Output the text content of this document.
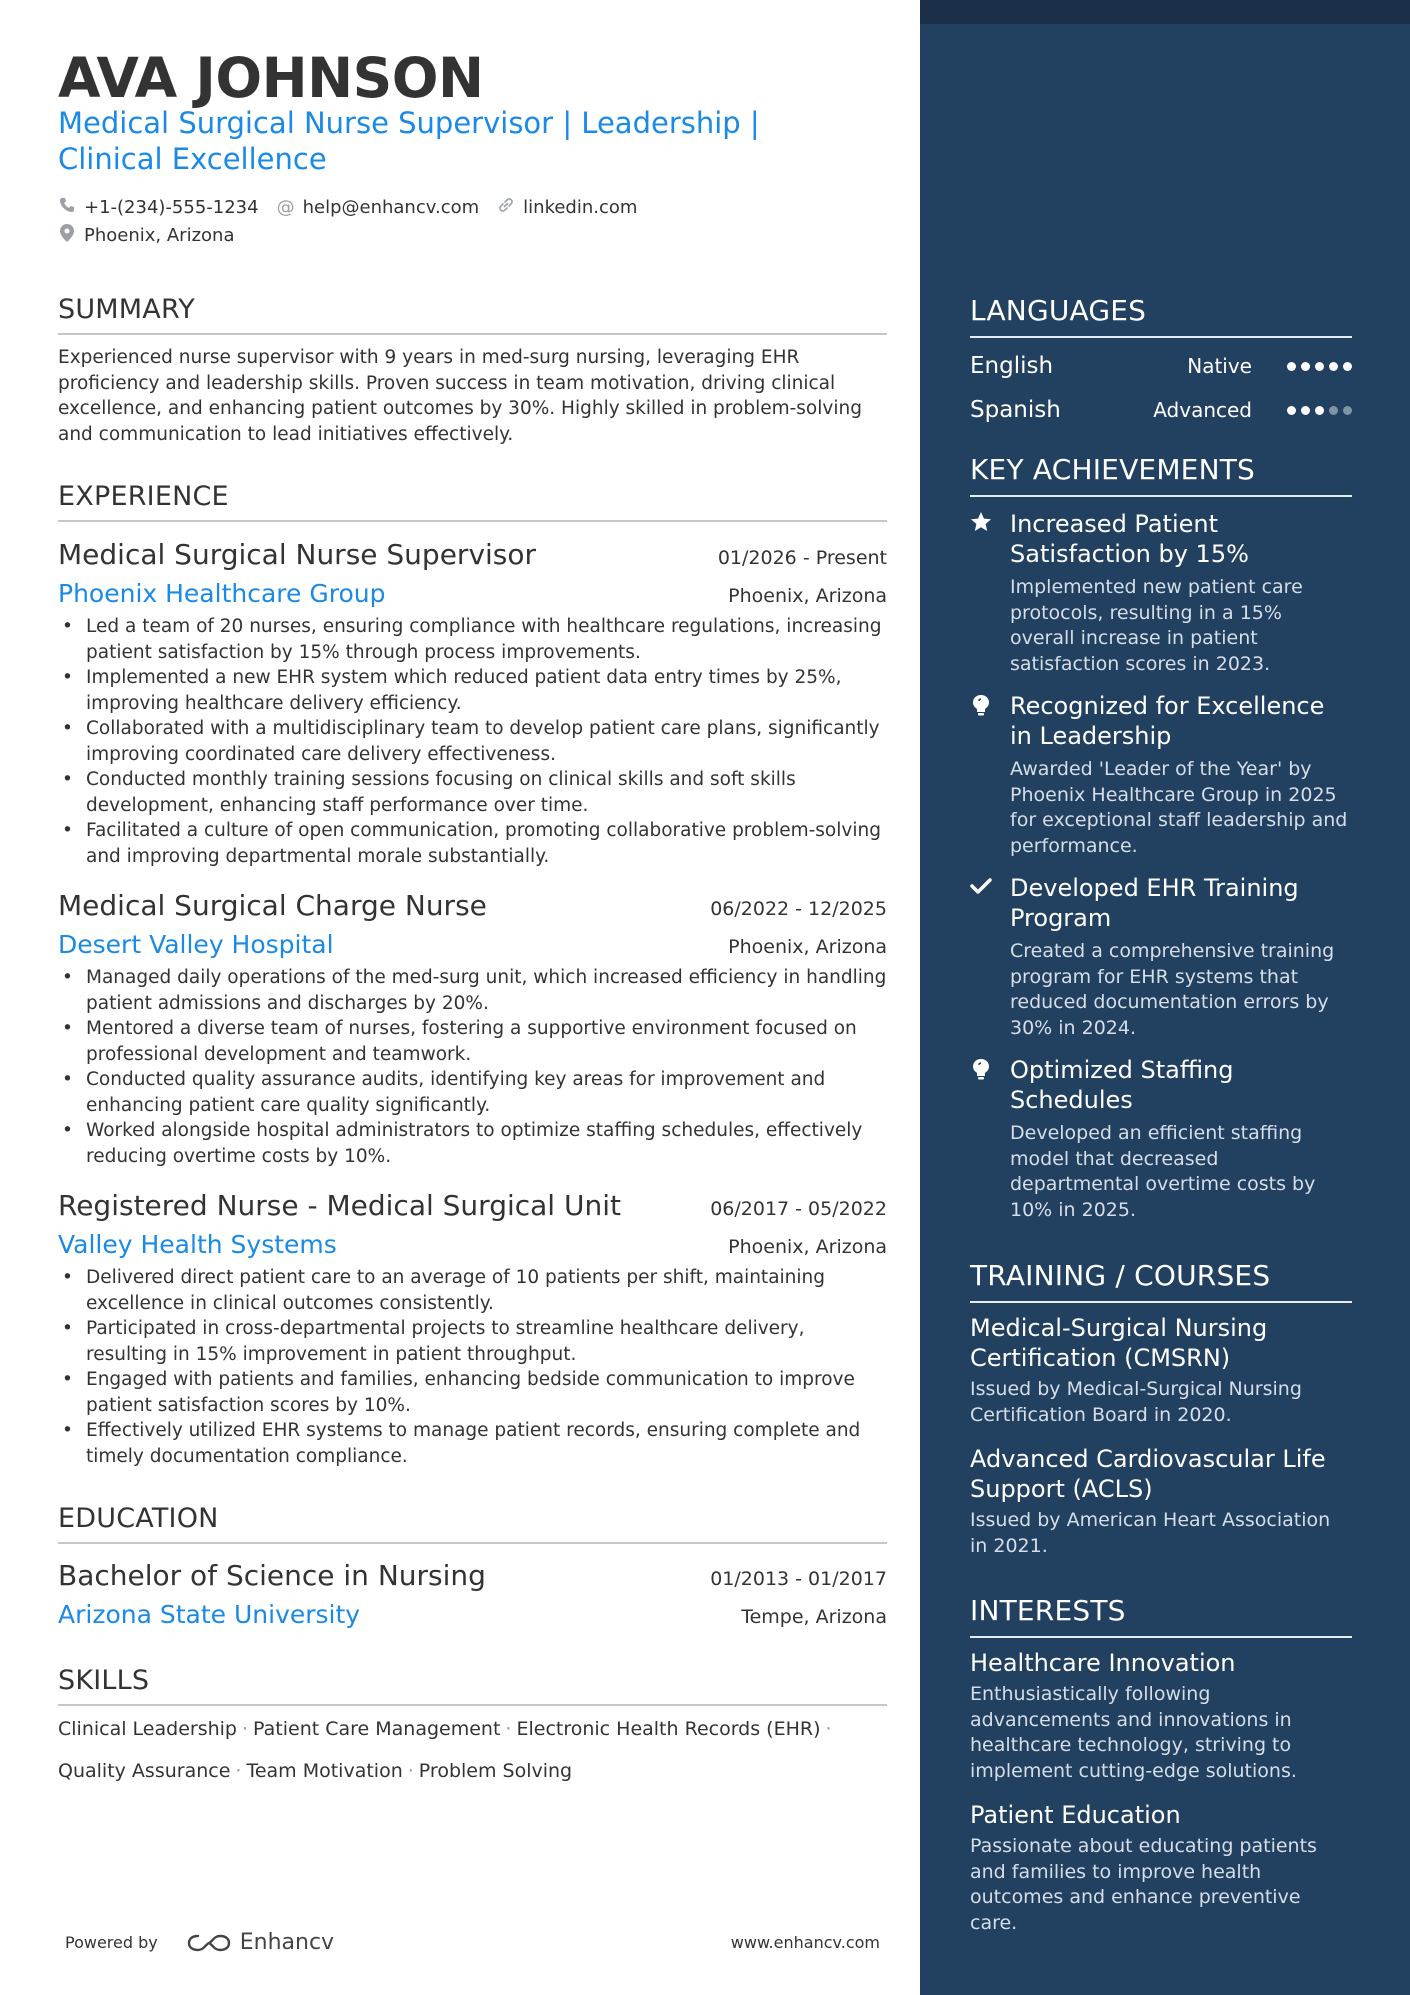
AVA JOHNSON
Medical Surgical Nurse Supervisor | Leadership | Clinical Excellence
+1-(234)-555-1234 @ help@enhancv.com linkedin.com
Phoenix, Arizona
SUMMARY
Experienced nurse supervisor with 9 years in med-surg nursing, leveraging EHR proficiency and leadership skills. Proven success in team motivation, driving clinical excellence, and enhancing patient outcomes by 30%. Highly skilled in problem-solving and communication to lead initiatives effectively.
EXPERIENCE
Medical Surgical Nurse Supervisor	01/2026 - Present
Phoenix Healthcare Group	Phoenix, Arizona
• Led a team of 20 nurses, ensuring compliance with healthcare regulations, increasing patient satisfaction by 15% through process improvements.
• Implemented a new EHR system which reduced patient data entry times by 25%, improving healthcare delivery efficiency.
• Collaborated with a multidisciplinary team to develop patient care plans, significantly improving coordinated care delivery effectiveness.
• Conducted monthly training sessions focusing on clinical skills and soft skills development, enhancing staff performance over time.
• Facilitated a culture of open communication, promoting collaborative problem-solving and improving departmental morale substantially.
Medical Surgical Charge Nurse	06/2022 - 12/2025
Desert Valley Hospital	Phoenix, Arizona
• Managed daily operations of the med-surg unit, which increased efficiency in handling patient admissions and discharges by 20%.
• Mentored a diverse team of nurses, fostering a supportive environment focused on professional development and teamwork.
• Conducted quality assurance audits, identifying key areas for improvement and enhancing patient care quality significantly.
• Worked alongside hospital administrators to optimize staffing schedules, effectively reducing overtime costs by 10%.
Registered Nurse - Medical Surgical Unit	06/2017 - 05/2022
Valley Health Systems	Phoenix, Arizona
• Delivered direct patient care to an average of 10 patients per shift, maintaining excellence in clinical outcomes consistently.
• Participated in cross-departmental projects to streamline healthcare delivery, resulting in 15% improvement in patient throughput.
• Engaged with patients and families, enhancing bedside communication to improve patient satisfaction scores by 10%.
• Effectively utilized EHR systems to manage patient records, ensuring complete and timely documentation compliance.
EDUCATION
Bachelor of Science in Nursing	01/2013 - 01/2017
Arizona State University	Tempe, Arizona
SKILLS
Clinical Leadership · Patient Care Management · Electronic Health Records (EHR) ·
Quality Assurance · Team Motivation · Problem Solving
Powered by	Enhancv	www.enhancv.com
LANGUAGES
English	Native
Spanish	Advanced
KEY ACHIEVEMENTS
Increased Patient Satisfaction by 15%
Implemented new patient care protocols, resulting in a 15% overall increase in patient satisfaction scores in 2023.
Recognized for Excellence in Leadership
Awarded 'Leader of the Year' by Phoenix Healthcare Group in 2025 for exceptional staff leadership and performance.
Developed EHR Training Program
Created a comprehensive training program for EHR systems that reduced documentation errors by 30% in 2024.
Optimized Staffing Schedules
Developed an efficient staffing model that decreased departmental overtime costs by 10% in 2025.
TRAINING / COURSES
Medical-Surgical Nursing Certification (CMSRN)
Issued by Medical-Surgical Nursing Certification Board in 2020.
Advanced Cardiovascular Life Support (ACLS)
Issued by American Heart Association in 2021.
INTERESTS
Healthcare Innovation
Enthusiastically following advancements and innovations in healthcare technology, striving to implement cutting-edge solutions.
Patient Education
Passionate about educating patients and families to improve health outcomes and enhance preventive care.
